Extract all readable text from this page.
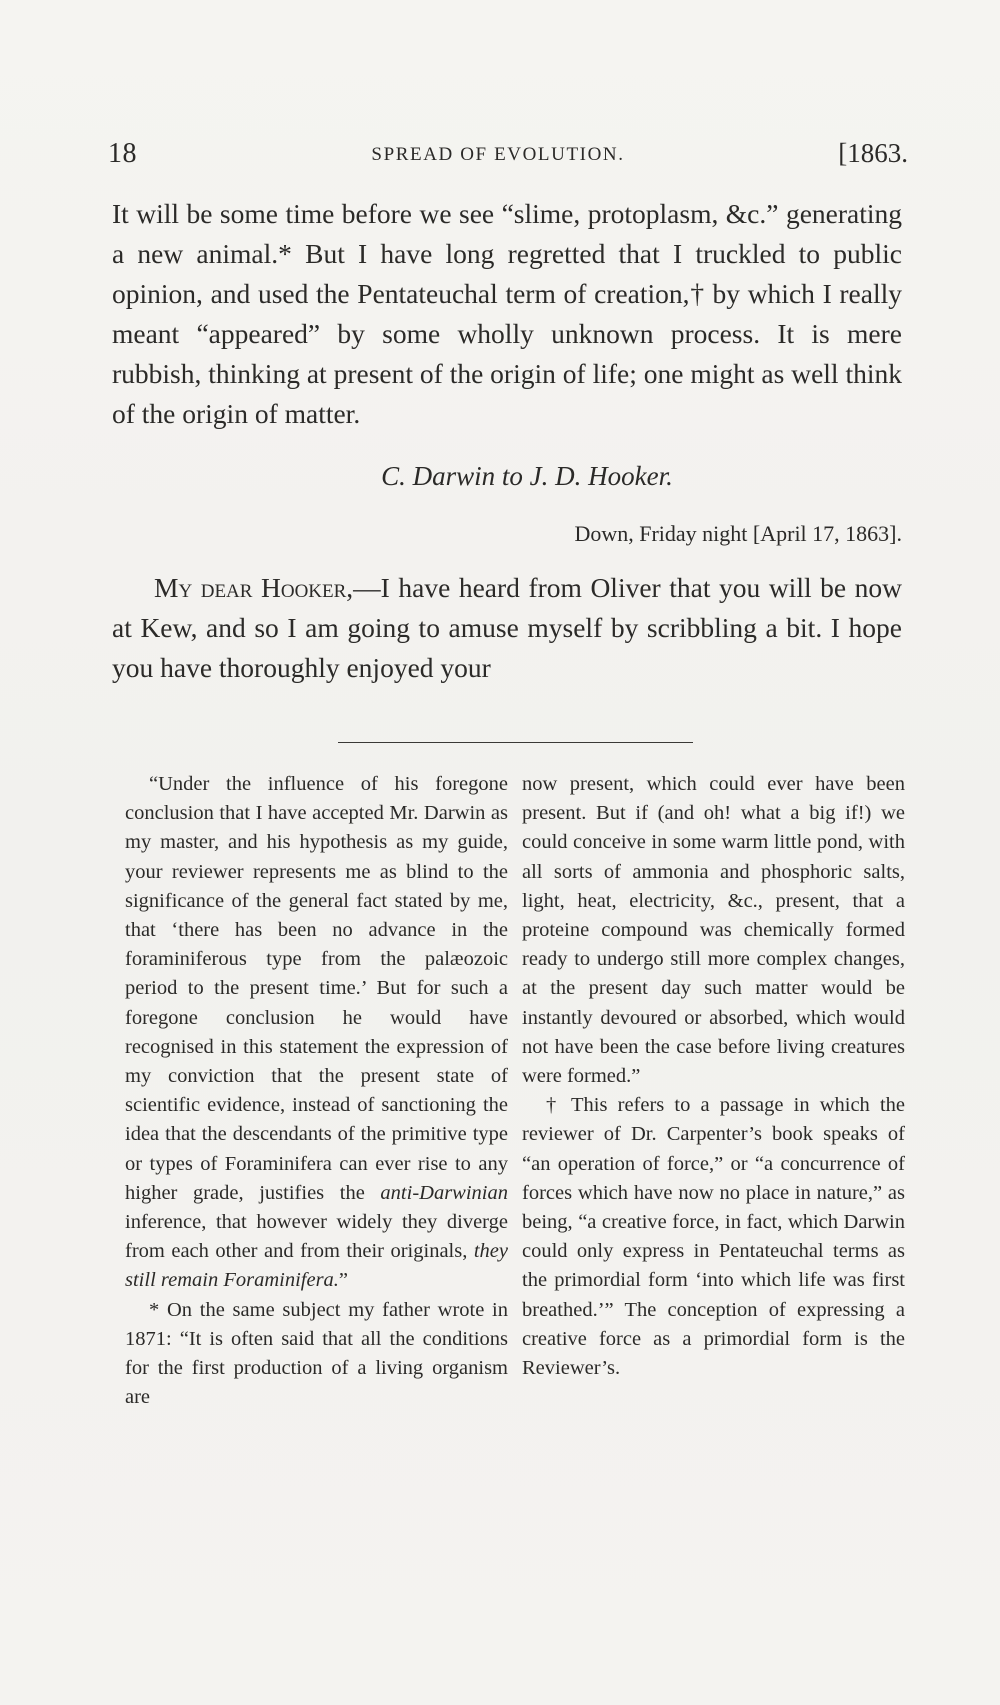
18	SPREAD OF EVOLUTION.	[1863.

It will be some time before we see “slime, protoplasm, &c.” generating a new animal.* But I have long regretted that I truckled to public opinion, and used the Pentateuchal term of creation,† by which I really meant “appeared” by some wholly unknown process. It is mere rubbish, thinking at present of the origin of life; one might as well think of the origin of matter.

C. Darwin to J. D. Hooker.

Down, Friday night [April 17, 1863].

My dear Hooker,—I have heard from Oliver that you will be now at Kew, and so I am going to amuse myself by scribbling a bit. I hope you have thoroughly enjoyed your

“Under the influence of his foregone conclusion that I have accepted Mr. Darwin as my master, and his hypothesis as my guide, your reviewer represents me as blind to the significance of the general fact stated by me, that ‘there has been no advance in the foraminiferous type from the palæozoic period to the present time.’ But for such a foregone conclusion he would have recognised in this statement the expression of my conviction that the present state of scientific evidence, instead of sanctioning the idea that the descendants of the primitive type or types of Foraminifera can ever rise to any higher grade, justifies the anti-Darwinian inference, that however widely they diverge from each other and from their originals, they still remain Foraminifera.”

* On the same subject my father wrote in 1871: “It is often said that all the conditions for the first production of a living organism are

now present, which could ever have been present. But if (and oh! what a big if!) we could conceive in some warm little pond, with all sorts of ammonia and phosphoric salts, light, heat, electricity, &c., present, that a proteine compound was chemically formed ready to undergo still more complex changes, at the present day such matter would be instantly devoured or absorbed, which would not have been the case before living creatures were formed.”

† This refers to a passage in which the reviewer of Dr. Carpenter’s book speaks of “an operation of force,” or “a concurrence of forces which have now no place in nature,” as being, “a creative force, in fact, which Darwin could only express in Pentateuchal terms as the primordial form ‘into which life was first breathed.’” The conception of expressing a creative force as a primordial form is the Reviewer’s.
